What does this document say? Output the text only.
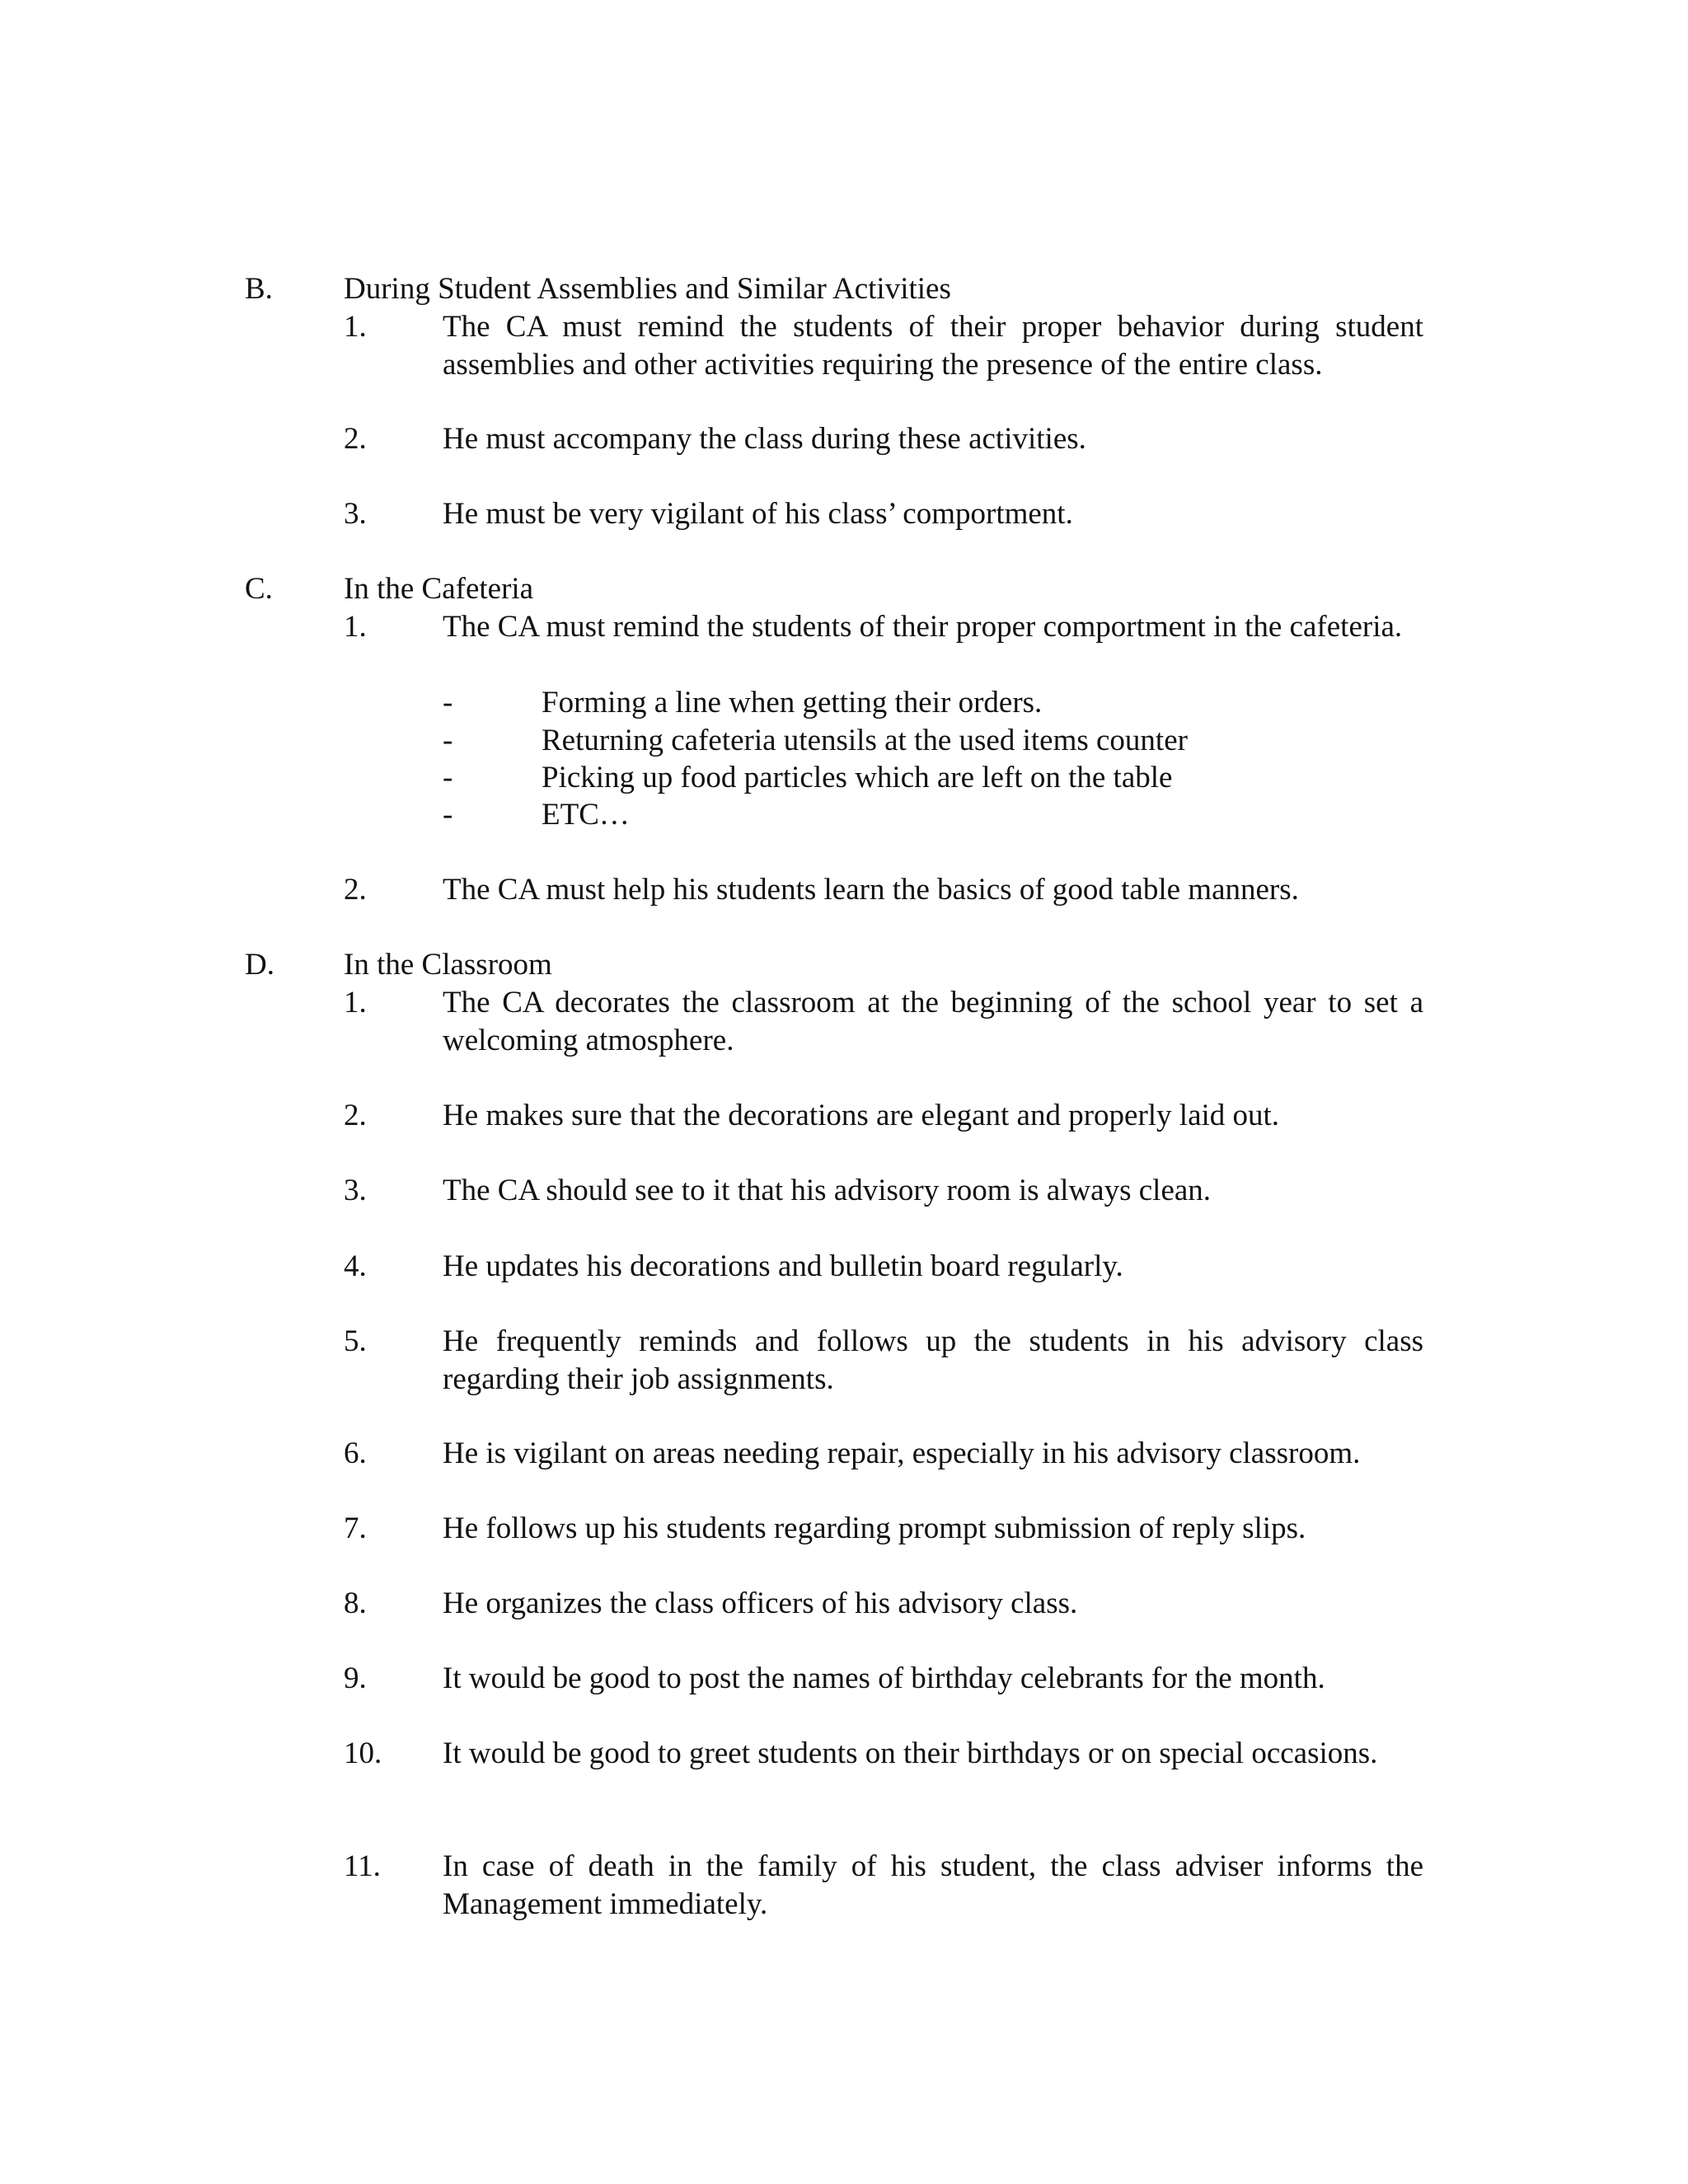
B. During Student Assemblies and Similar Activities
1. The CA must remind the students of their proper behavior during student assemblies and other activities requiring the presence of the entire class.
2. He must accompany the class during these activities.
3. He must be very vigilant of his class’ comportment.
C. In the Cafeteria
1. The CA must remind the students of their proper comportment in the cafeteria.
-	Forming a line when getting their orders.
-	Returning cafeteria utensils at the used items counter
-	Picking up food particles which are left on the table
-	ETC…
2. The CA must help his students learn the basics of good table manners.
D. In the Classroom
1. The CA decorates the classroom at the beginning of the school year to set a welcoming atmosphere.
2. He makes sure that the decorations are elegant and properly laid out.
3. The CA should see to it that his advisory room is always clean.
4. He updates his decorations and bulletin board regularly.
5. He frequently reminds and follows up the students in his advisory class regarding their job assignments.
6. He is vigilant on areas needing repair, especially in his advisory classroom.
7. He follows up his students regarding prompt submission of reply slips.
8. He organizes the class officers of his advisory class.
9. It would be good to post the names of birthday celebrants for the month.
10. It would be good to greet students on their birthdays or on special occasions.
11. In case of death in the family of his student, the class adviser informs the Management immediately.
